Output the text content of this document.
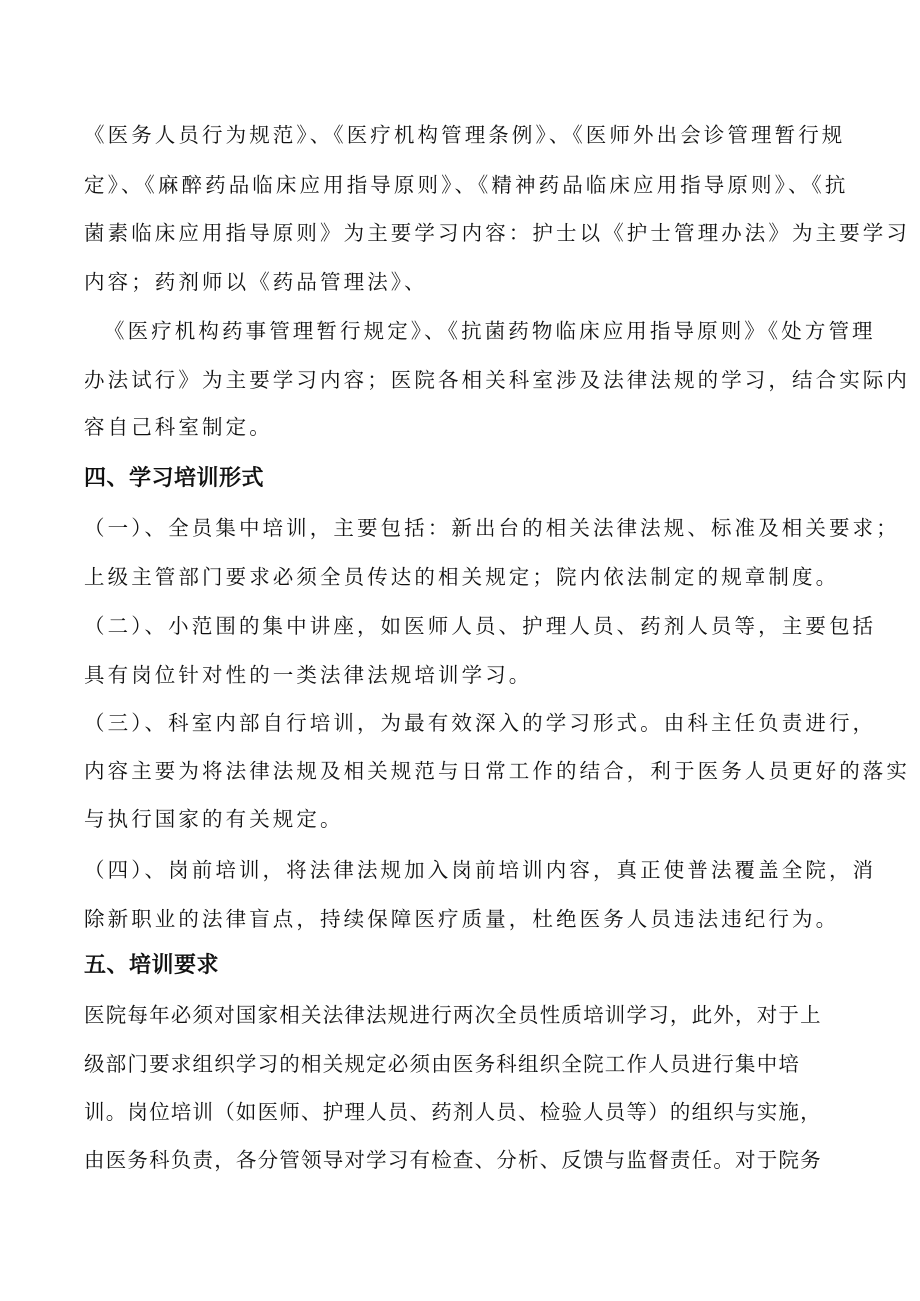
《医务人员行为规范》、《医疗机构管理条例》、《医师外出会诊管理暂行规
定》、《麻醉药品临床应用指导原则》、《精神药品临床应用指导原则》、《抗
菌素临床应用指导原则》为主要学习内容：护士以《护士管理办法》为主要学习
内容；药剂师以《药品管理法》、
《医疗机构药事管理暂行规定》、《抗菌药物临床应用指导原则》《处方管理
办法试行》为主要学习内容；医院各相关科室涉及法律法规的学习，结合实际内
容自己科室制定。
四、学习培训形式
（一）、全员集中培训，主要包括：新出台的相关法律法规、标准及相关要求；
上级主管部门要求必须全员传达的相关规定；院内依法制定的规章制度。
（二）、小范围的集中讲座，如医师人员、护理人员、药剂人员等，主要包括
具有岗位针对性的一类法律法规培训学习。
（三）、科室内部自行培训，为最有效深入的学习形式。由科主任负责进行，
内容主要为将法律法规及相关规范与日常工作的结合，利于医务人员更好的落实
与执行国家的有关规定。
（四）、岗前培训，将法律法规加入岗前培训内容，真正使普法覆盖全院，消
除新职业的法律盲点，持续保障医疗质量，杜绝医务人员违法违纪行为。
五、培训要求
医院每年必须对国家相关法律法规进行两次全员性质培训学习，此外，对于上
级部门要求组织学习的相关规定必须由医务科组织全院工作人员进行集中培
训。岗位培训（如医师、护理人员、药剂人员、检验人员等）的组织与实施，
由医务科负责，各分管领导对学习有检查、分析、反馈与监督责任。对于院务
